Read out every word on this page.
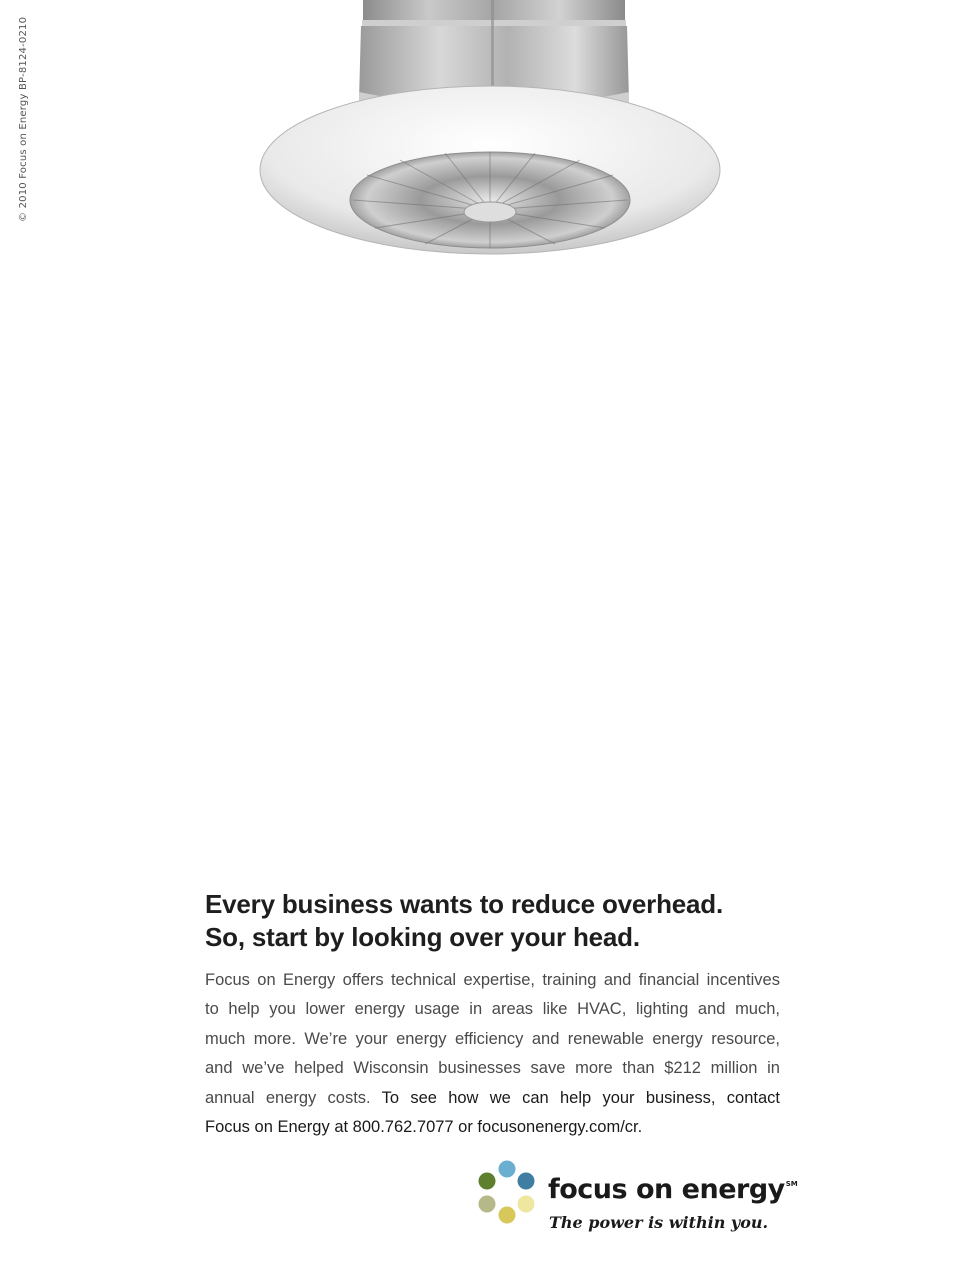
© 2010 Focus on Energy BP-8124-0210
Every business wants to reduce overhead.
So, start by looking over your head.

Focus on Energy offers technical expertise, training and financial incentives
to help you lower energy usage in areas like HVAC, lighting and much,
much more. We’re your energy efficiency and renewable energy resource,
and we’ve helped Wisconsin businesses save more than $212 million in
annual energy costs. To see how we can help your business, contact
Focus on Energy at 800.762.7077 or focusonenergy.com/cr.

focus on energy℠
The power is within you.
